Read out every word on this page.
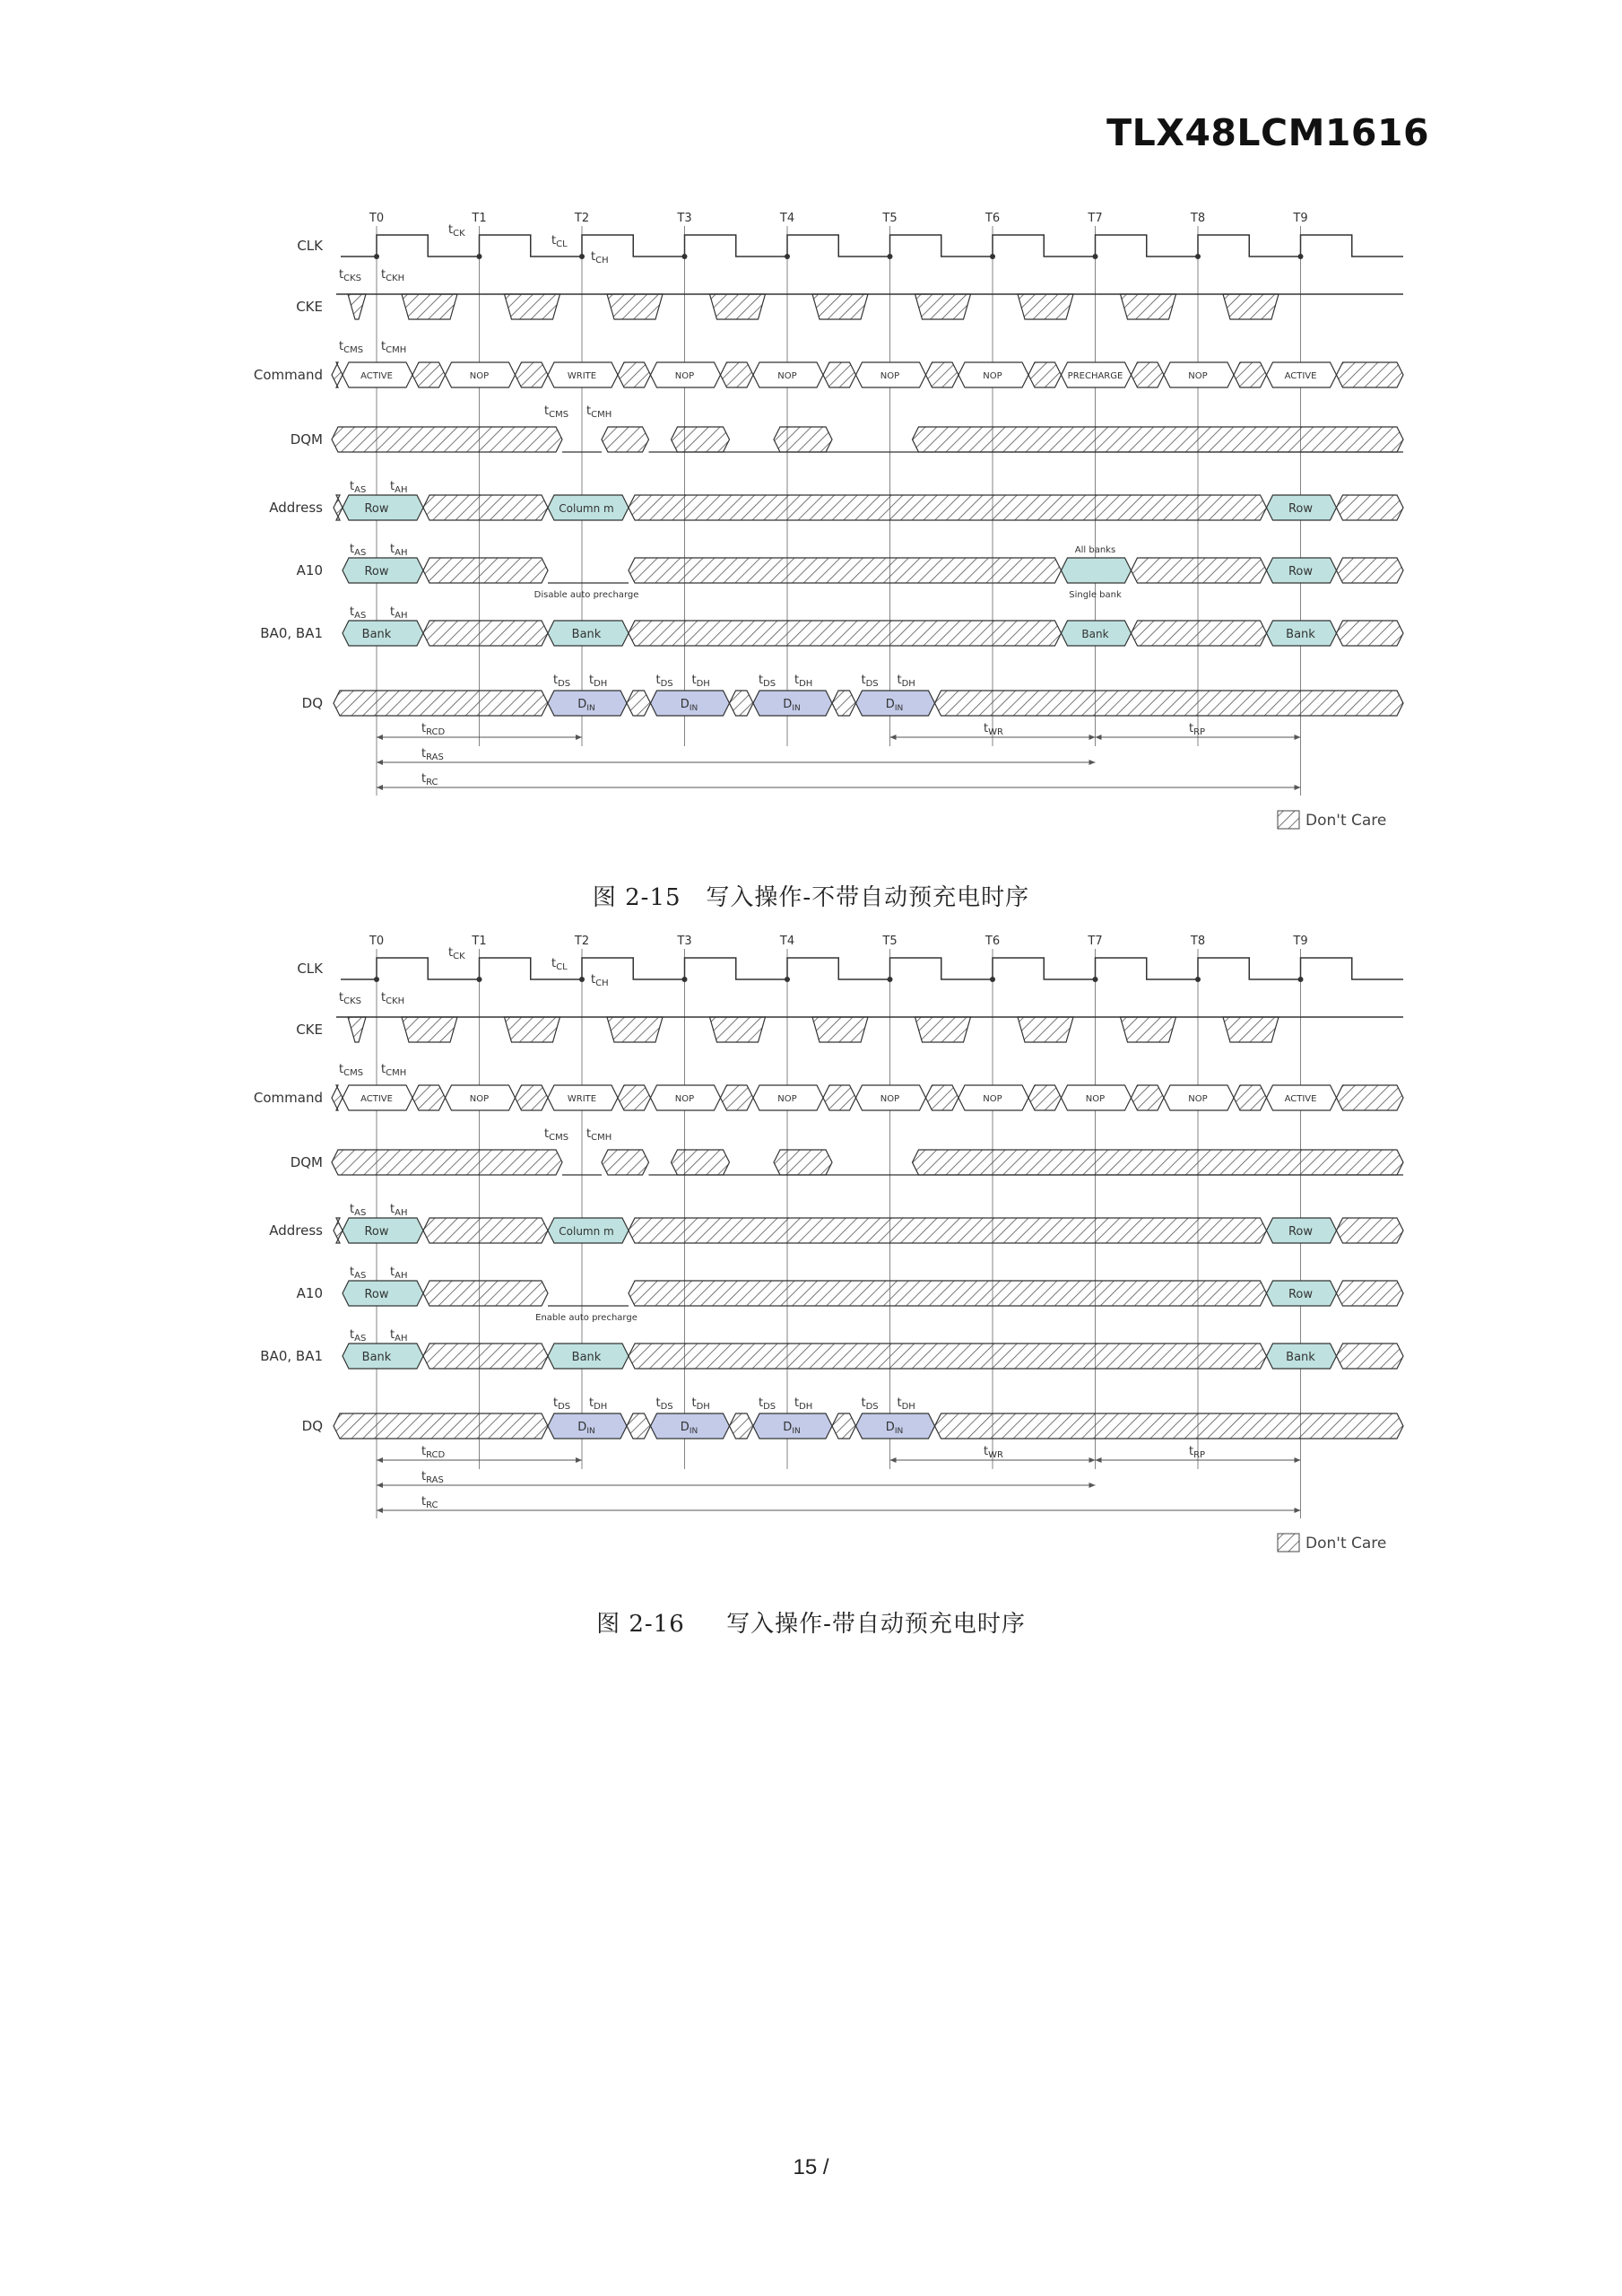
TLX48LCM1616
T0	T1	T2	T3	T4	T5	T6	T7	T8	T9
CLK
CKE
Command
DQM
Address
A10
BA0, BA1
DQ
ACTIVE	NOP	WRITE	NOP	NOP	NOP	NOP	PRECHARGE	NOP	ACTIVE
Row	Column m	Row
Row
Disable auto precharge
All banks
Single bank
Row
Bank	Bank	Bank	Bank
$D_{IN}$
$t_{DS}$ $t_{DH}$
$D_{IN}$
$t_{DS}$ $t_{DH}$
$D_{IN}$
$t_{DS}$ $t_{DH}$
$D_{IN}$
$t_{DS}$ $t_{DH}$
$t_{CK}$
$t_{CL}$
$t_{CH}$
$t_{CKS}$ $t_{CKH}$
$t_{CMS}$ $t_{CMH}$
$t_{CMS}$ $t_{CMH}$
$t_{AS}$ $t_{AH}$
$t_{AS}$ $t_{AH}$
$t_{AS}$ $t_{AH}$
$t_{RCD}$
$t_{RAS}$
$t_{RC}$
$t_{WR}$	$t_{RP}$
Don't Care
图 2-15 写入操作-不带自动预充电时序
T0	T1	T2	T3	T4	T5	T6	T7	T8	T9
CLK
CKE
Command
DQM
Address
A10
BA0, BA1
DQ
ACTIVE	NOP	WRITE	NOP	NOP	NOP	NOP	NOP	NOP	ACTIVE
Row	Column m	Row
Row
Enable auto precharge
Row
Bank	Bank	Bank
$D_{IN}$
$t_{DS}$ $t_{DH}$
$D_{IN}$
$t_{DS}$ $t_{DH}$
$D_{IN}$
$t_{DS}$ $t_{DH}$
$D_{IN}$
$t_{DS}$ $t_{DH}$
$t_{CK}$
$t_{CL}$
$t_{CH}$
$t_{CKS}$ $t_{CKH}$
$t_{CMS}$ $t_{CMH}$
$t_{CMS}$ $t_{CMH}$
$t_{AS}$ $t_{AH}$
$t_{AS}$ $t_{AH}$
$t_{AS}$ $t_{AH}$
$t_{RCD}$
$t_{RAS}$
$t_{RC}$
$t_{WR}$	$t_{RP}$
Don't Care
图 2-16 写入操作-带自动预充电时序
15 /
